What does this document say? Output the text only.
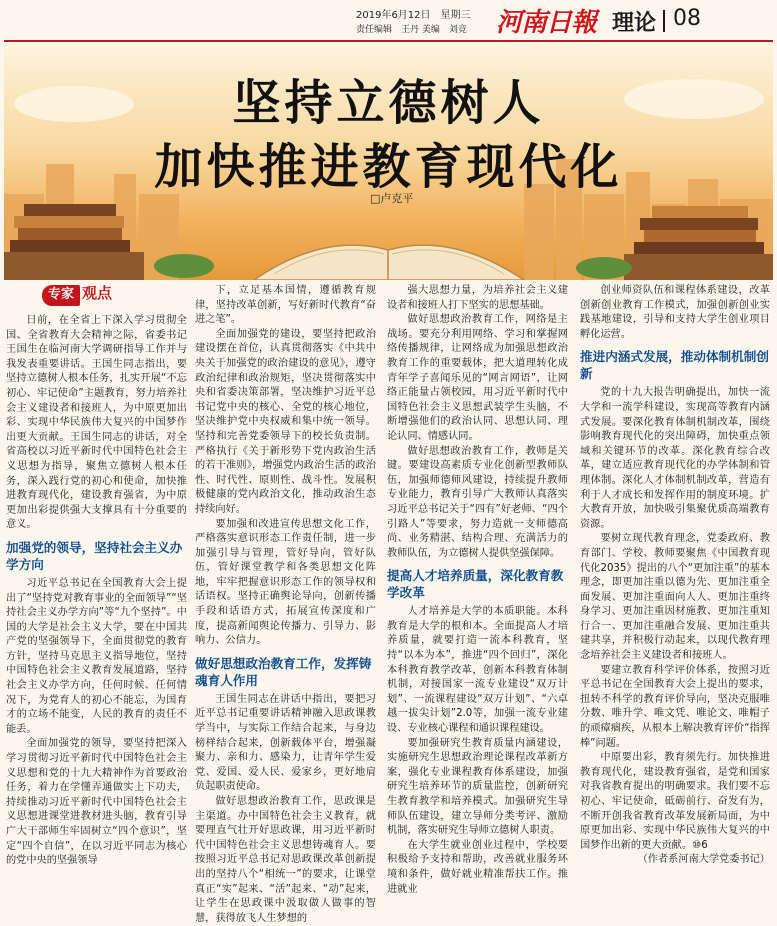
2019年6月12日　星期三
责任编辑　王丹 美编　刘竞 河南日報 理论 08
坚持立德树人
加快推进教育现代化
□卢克平
专家 观点

日前，在全省上下深入学习贯彻全国、全省教育大会精神之际，省委书记王国生在临河南大学调研指导工作并与我发表重要讲话。王国生同志指出，要坚持立德树人根本任务，扎实开展“不忘初心、牢记使命”主题教育，努力培养社会主义建设者和接班人，为中原更加出彩、实现中华民族伟大复兴的中国梦作出更大贡献。王国生同志的讲话，对全省高校以习近平新时代中国特色社会主义思想为指导，聚焦立德树人根本任务，深入践行党的初心和使命，加快推进教育现代化，建设教育强省，为中原更加出彩提供强大支撑具有十分重要的意义。

加强党的领导，坚持社会主义办学方向

习近平总书记在全国教育大会上提出了“坚持党对教育事业的全面领导”“坚持社会主义办学方向”等“九个坚持”。中国的大学是社会主义大学，要在中国共产党的坚强领导下，全面贯彻党的教育方针，坚持马克思主义指导地位，坚持中国特色社会主义教育发展道路，坚持社会主义办学方向，任何时候、任何情况下，为党育人的初心不能忘，为国育才的立场不能变，人民的教育的责任不能丢。

全面加强党的领导，要坚持把深入学习贯彻习近平新时代中国特色社会主义思想和党的十九大精神作为首要政治任务，着力在学懂弄通做实上下功夫，持续推动习近平新时代中国特色社会主义思想进课堂进教材进头脑，教育引导广大干部师生牢固树立“四个意识”，坚定“四个自信”，在以习近平同志为核心的党中央的坚强领导

下，立足基本国情，遵循教育规律，坚持改革创新，写好新时代教育“奋进之笔”。

全面加强党的建设，要坚持把政治建设摆在首位，认真贯彻落实《中共中央关于加强党的政治建设的意见》，遵守政治纪律和政治规矩，坚决贯彻落实中央和省委决策部署，坚决维护习近平总书记党中央的核心、全党的核心地位，坚决维护党中央权威和集中统一领导。坚持和完善党委领导下的校长负责制。严格执行《关于新形势下党内政治生活的若干准则》，增强党内政治生活的政治性、时代性、原则性、战斗性。发展积极健康的党内政治文化，推动政治生态持续向好。

要加强和改进宣传思想文化工作，严格落实意识形态工作责任制，进一步加强引导与管理，管好导向，管好队伍，管好课堂教学和各类思想文化阵地，牢牢把握意识形态工作的领导权和话语权。坚持正确舆论导向，创新传播手段和话语方式，拓展宣传深度和广度，提高新闻舆论传播力、引导力、影响力、公信力。

做好思想政治教育工作，发挥铸魂育人作用

王国生同志在讲话中指出，要把习近平总书记重要讲话精神融入思政课教学当中，与实际工作结合起来，与身边榜样结合起来，创新载体平台，增强凝聚力、亲和力、感染力，让青年学生爱党、爱国、爱人民、爱家乡，更好地肩负起职责使命。

做好思想政治教育工作，思政课是主渠道。办中国特色社会主义教育，就要理直气壮开好思政课，用习近平新时代中国特色社会主义思想铸魂育人。要按照习近平总书记对思政课改革创新提出的坚持八个“相统一”的要求，让课堂真正“实”起来、“活”起来、“动”起来，让学生在思政课中汲取做人做事的智慧，获得放飞人生梦想的

强大思想力量，为培养社会主义建设者和接班人打下坚实的思想基础。

做好思想政治教育工作，网络是主战场。要充分利用网络、学习和掌握网络传播规律，让网络成为加强思想政治教育工作的重要载体，把大道理转化成青年学子喜闻乐见的“网言网语”，让网络正能量占领校园，用习近平新时代中国特色社会主义思想武装学生头脑，不断增强他们的政治认同、思想认同、理论认同、情感认同。

做好思想政治教育工作，教师是关键。要建设高素质专业化创新型教师队伍，加强师德师风建设，持续提升教师专业能力，教育引导广大教师认真落实习近平总书记关于“四有”好老师、“四个引路人”等要求，努力造就一支师德高尚、业务精湛、结构合理、充满活力的教师队伍，为立德树人提供坚强保障。

提高人才培养质量，深化教育教学改革

人才培养是大学的本质职能。本科教育是大学的根和本。全面提高人才培养质量，就要打造一流本科教育，坚持“以本为本”，推进“四个回归”，深化本科教育教学改革，创新本科教育体制机制，对接国家一流专业建设“双万计划”、一流课程建设“双万计划”、“六卓越一拔尖计划”2.0等，加强一流专业建设、专业核心课程和通识课程建设。

要加强研究生教育质量内涵建设，实施研究生思想政治理论课程改革新方案，强化专业课程教育体系建设，加强研究生培养环节的质量监控，创新研究生教育教学和培养模式。加强研究生导师队伍建设，建立导师分类考评、激励机制，落实研究生导师立德树人职责。

在大学生就业创业过程中，学校要积极给予支持和帮助，改善就业服务环境和条件，做好就业精准帮扶工作。推进就业

创业师资队伍和课程体系建设，改革创新创业教育工作模式，加强创新创业实践基地建设，引导和支持大学生创业项目孵化运营。

推进内涵式发展，推动体制机制创新

党的十九大报告明确提出，加快一流大学和一流学科建设，实现高等教育内涵式发展。要深化教育体制机制改革，围绕影响教育现代化的突出障碍，加快重点领域和关键环节的改革。深化教育综合改革，建立适应教育现代化的办学体制和管理体制。深化人才体制机制改革，营造有利于人才成长和发挥作用的制度环境。扩大教育开放，加快吸引集聚优质高端教育资源。

要树立现代教育理念，党委政府、教育部门、学校、教师要聚焦《中国教育现代化2035》提出的八个“更加注重”的基本理念，即更加注重以德为先、更加注重全面发展、更加注重面向人人、更加注重终身学习、更加注重因材施教、更加注重知行合一、更加注重融合发展、更加注重共建共享，并积极行动起来，以现代教育理念培养社会主义建设者和接班人。

要建立教育科学评价体系，按照习近平总书记在全国教育大会上提出的要求，扭转不科学的教育评价导向，坚决克服唯分数、唯升学、唯文凭、唯论文、唯帽子的顽瘴痼疾，从根本上解决教育评价“指挥棒”问题。

中原要出彩，教育须先行。加快推进教育现代化，建设教育强省，是党和国家对我省教育提出的明确要求。我们要不忘初心、牢记使命，砥砺前行、奋发有为，不断开创我省教育改革发展新局面，为中原更加出彩、实现中华民族伟大复兴的中国梦作出新的更大贡献。⑩6

（作者系河南大学党委书记）
